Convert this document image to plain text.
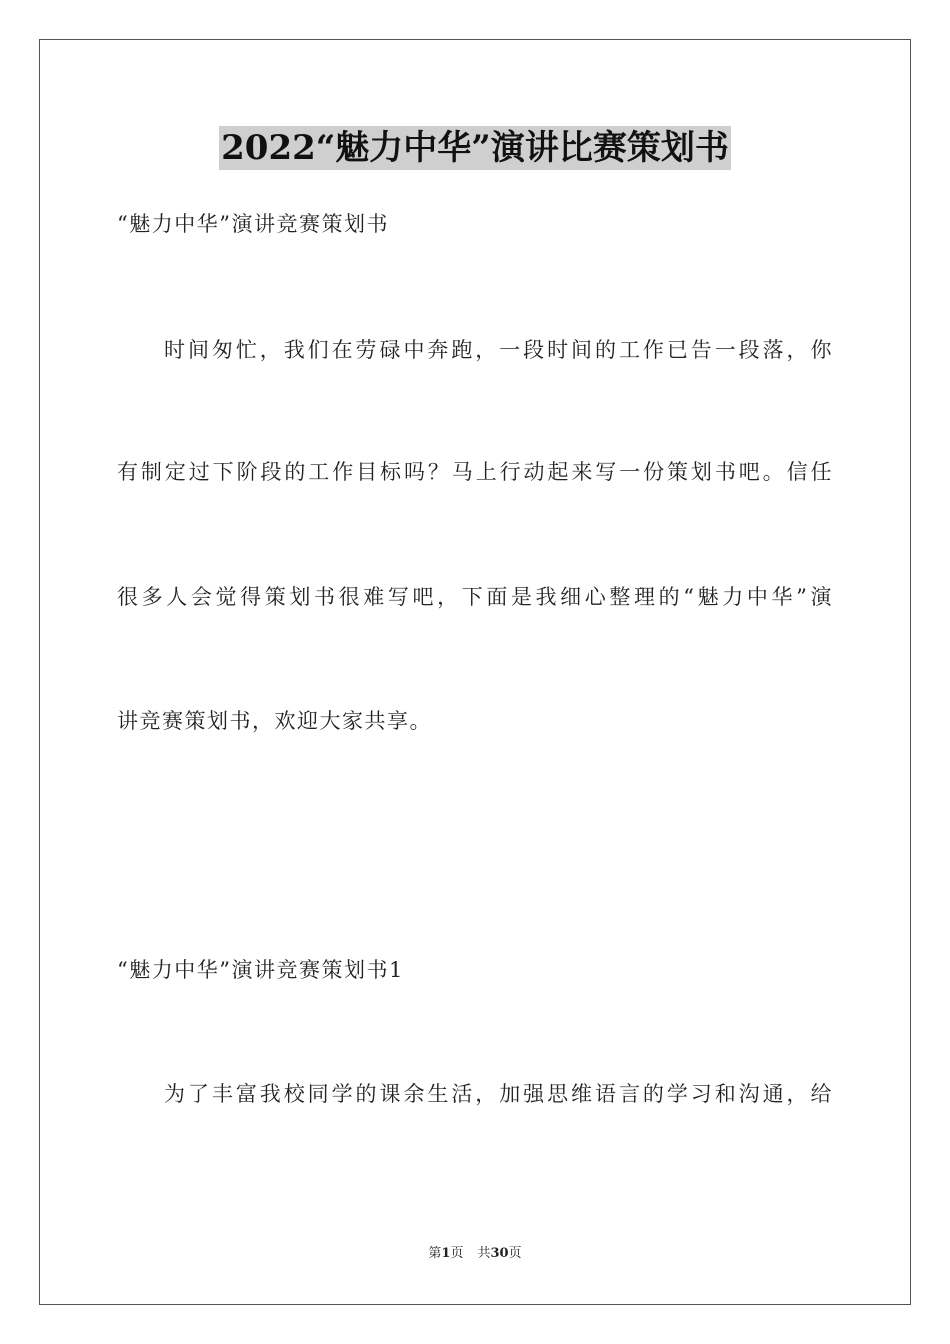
2022“魅力中华”演讲比赛策划书

“魅力中华”演讲竞赛策划书

时间匆忙，我们在劳碌中奔跑，一段时间的工作已告一段落，你

有制定过下阶段的工作目标吗？马上行动起来写一份策划书吧。信任

很多人会觉得策划书很难写吧，下面是我细心整理的“魅力中华”演

讲竞赛策划书，欢迎大家共享。

“魅力中华”演讲竞赛策划书1

为了丰富我校同学的课余生活，加强思维语言的学习和沟通，给

第1页 共30页
